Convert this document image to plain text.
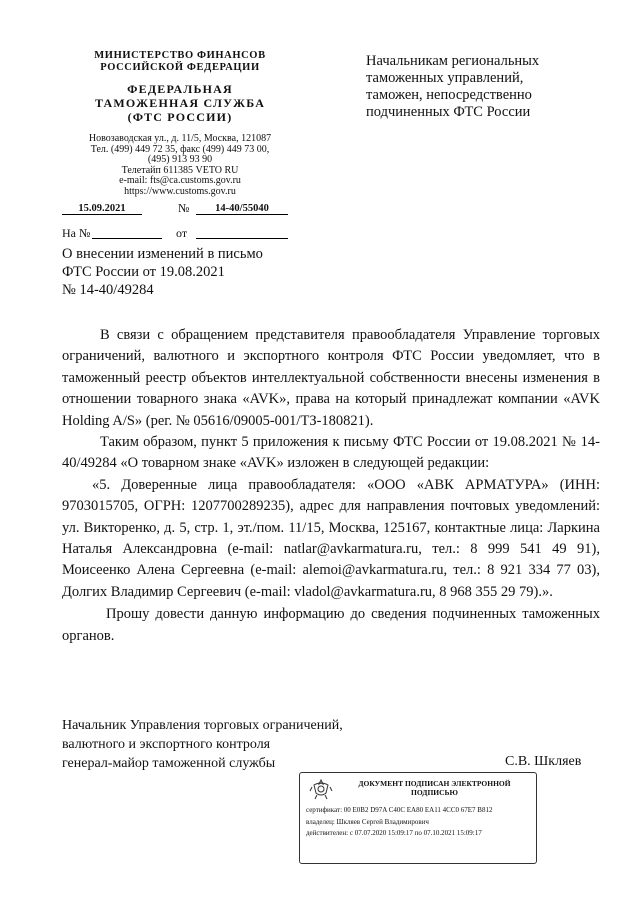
МИНИСТЕРСТВО ФИНАНСОВ
РОССИЙСКОЙ ФЕДЕРАЦИИ
ФЕДЕРАЛЬНАЯ
ТАМОЖЕННАЯ СЛУЖБА
(ФТС РОССИИ)
Новозаводская ул., д. 11/5, Москва, 121087
Тел. (499) 449 72 35, факс (499) 449 73 00,
(495) 913 93 90
Телетайп 611385 VETO RU
e-mail: fts@ca.customs.gov.ru
https://www.customs.gov.ru
Начальникам региональных
таможенных управлений,
таможен, непосредственно
подчиненных ФТС России
15.09.2021	№	14-40/55040
На №	от
О внесении изменений в письмо
ФТС России от 19.08.2021
№ 14-40/49284

В связи с обращением представителя правообладателя Управление торговых ограничений, валютного и экспортного контроля ФТС России уведомляет, что в таможенный реестр объектов интеллектуальной собственности внесены изменения в отношении товарного знака «AVK», права на который принадлежат компании «AVK Holding A/S» (рег. № 05616/09005-001/ТЗ-180821).

Таким образом, пункт 5 приложения к письму ФТС России от 19.08.2021 № 14-40/49284 «О товарном знаке «AVK» изложен в следующей редакции:

«5. Доверенные лица правообладателя: «ООО «АВК АРМАТУРА» (ИНН: 9703015705, ОГРН: 1207700289235), адрес для направления почтовых уведомлений: ул. Викторенко, д. 5, стр. 1, эт./пом. 11/15, Москва, 125167, контактные лица: Ларкина Наталья Александровна (e-mail: natlar@avkarmatura.ru, тел.: 8 999 541 49 91), Моисеенко Алена Сергеевна (e-mail: alemoi@avkarmatura.ru, тел.: 8 921 334 77 03), Долгих Владимир Сергеевич (e-mail: vladol@avkarmatura.ru, 8 968 355 29 79).».

Прошу довести данную информацию до сведения подчиненных таможенных органов.

Начальник Управления торговых ограничений,
валютного и экспортного контроля
генерал-майор таможенной службы	С.В. Шкляев
ДОКУМЕНТ ПОДПИСАН ЭЛЕКТРОННОЙ ПОДПИСЬЮ
сертификат: 00 E0B2 D97A C40C EA80 EA11 4CC0 67E7 B812
владелец: Шкляев Сергей Владимирович
действителен: с 07.07.2020 15:09:17 по 07.10.2021 15:09:17
